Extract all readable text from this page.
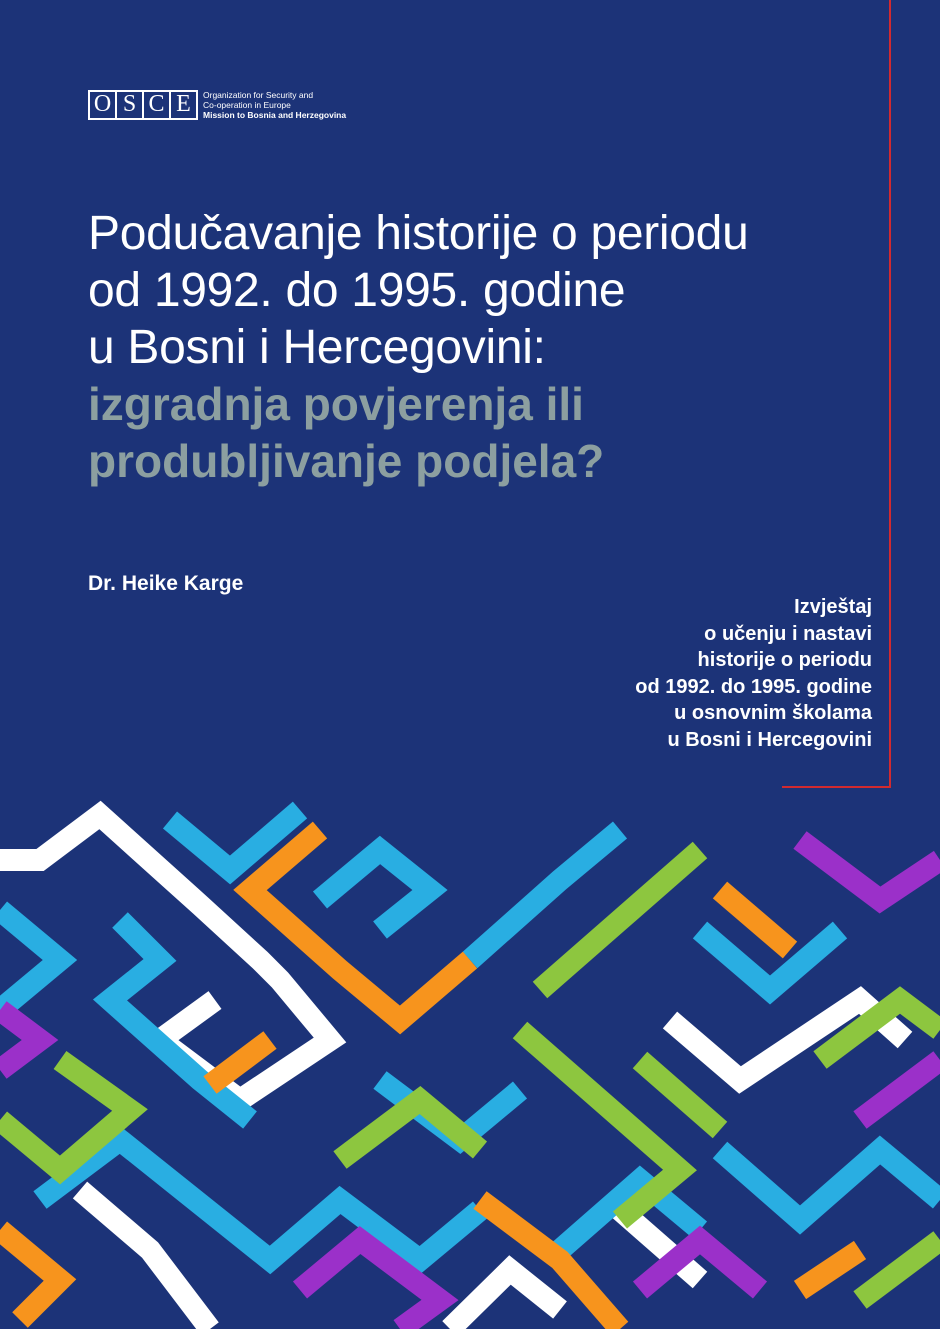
O S C E	Organization for Security and
Co-operation in Europe
Mission to Bosnia and Herzegovina
Podučavanje historije o periodu
od 1992. do 1995. godine
u Bosni i Hercegovini:
izgradnja povjerenja ili
produbljivanje podjela?
Dr. Heike Karge
Izvještaj
o učenju i nastavi
historije o periodu
od 1992. do 1995. godine
u osnovnim školama
u Bosni i Hercegovini
